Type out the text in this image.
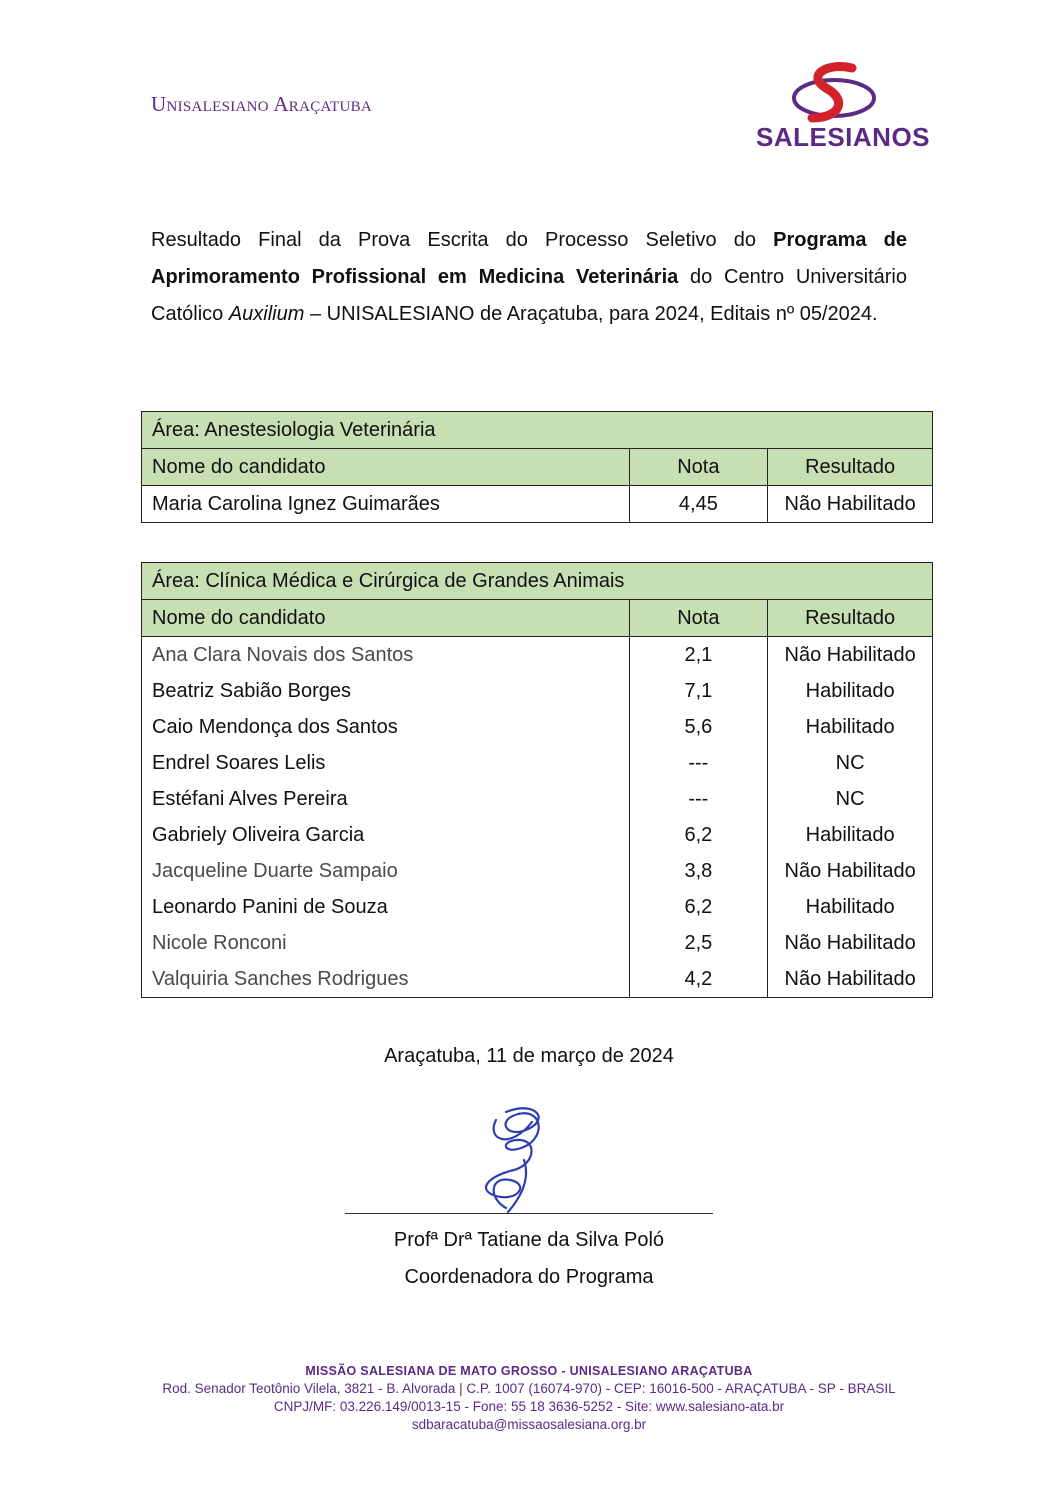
Unisalesiano Araçatuba
SALESIANOS
Resultado Final da Prova Escrita do Processo Seletivo do Programa de Aprimoramento Profissional em Medicina Veterinária do Centro Universitário Católico Auxilium – UNISALESIANO de Araçatuba, para 2024, Editais nº 05/2024.
Área: Anestesiologia Veterinária		
Nome do candidato	Nota	Resultado
Maria Carolina Ignez Guimarães	4,45	Não Habilitado
Área: Clínica Médica e Cirúrgica de Grandes Animais		
Nome do candidato	Nota	Resultado
Ana Clara Novais dos Santos	2,1	Não Habilitado
Beatriz Sabião Borges	7,1	Habilitado
Caio Mendonça dos Santos	5,6	Habilitado
Endrel Soares Lelis	---	NC
Estéfani Alves Pereira	---	NC
Gabriely Oliveira Garcia	6,2	Habilitado
Jacqueline Duarte Sampaio	3,8	Não Habilitado
Leonardo Panini de Souza	6,2	Habilitado
Nicole Ronconi	2,5	Não Habilitado
Valquiria Sanches Rodrigues	4,2	Não Habilitado
Araçatuba, 11 de março de 2024
Profª Drª Tatiane da Silva Poló
Coordenadora do Programa
MISSÃO SALESIANA DE MATO GROSSO - UNISALESIANO ARAÇATUBA
Rod. Senador Teotônio Vilela, 3821 - B. Alvorada | C.P. 1007 (16074-970) - CEP: 16016-500 - ARAÇATUBA - SP - BRASIL
CNPJ/MF: 03.226.149/0013-15 - Fone: 55 18 3636-5252 - Site: www.salesiano-ata.br
sdbaracatuba@missaosalesiana.org.br
